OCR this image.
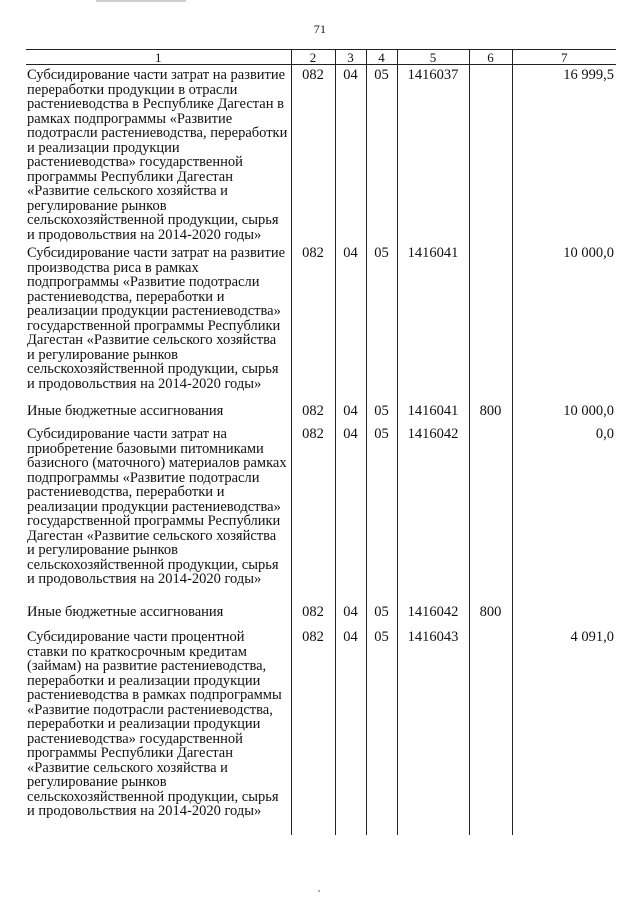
71
1	2	3	4	5	6	7
Субсидирование части затрат на развитие переработки продукции в отрасли растениеводства в Республике Дагестан в рамках подпрограммы «Развитие подотрасли растениеводства, переработки и реализации продукции растениеводства» государственной программы Республики Дагестан «Развитие сельского хозяйства и регулирование рынков сельскохозяйственной продукции, сырья и продовольствия на 2014-2020 годы»	082	04	05	1416037		16 999,5
Субсидирование части затрат на развитие производства риса в рамках подпрограммы «Развитие подотрасли растениеводства, переработки и реализации продукции растениеводства» государственной программы Республики Дагестан «Развитие сельского хозяйства и регулирование рынков сельскохозяйственной продукции, сырья и продовольствия на 2014-2020 годы»	082	04	05	1416041		10 000,0
Иные бюджетные ассигнования	082	04	05	1416041	800	10 000,0
Субсидирование части затрат на приобретение базовыми питомниками базисного (маточного) материалов рамках подпрограммы «Развитие подотрасли растениеводства, переработки и реализации продукции растениеводства» государственной программы Республики Дагестан «Развитие сельского хозяйства и регулирование рынков сельскохозяйственной продукции, сырья и продовольствия на 2014-2020 годы»	082	04	05	1416042		0,0
Иные бюджетные ассигнования	082	04	05	1416042	800	
Субсидирование части процентной ставки по краткосрочным кредитам (займам) на развитие растениеводства, переработки и реализации продукции растениеводства в рамках подпрограммы «Развитие подотрасли растениеводства, переработки и реализации продукции растениеводства» государственной программы Республики Дагестан «Развитие сельского хозяйства и регулирование рынков сельскохозяйственной продукции, сырья и продовольствия на 2014-2020 годы»	082	04	05	1416043		4 091,0
